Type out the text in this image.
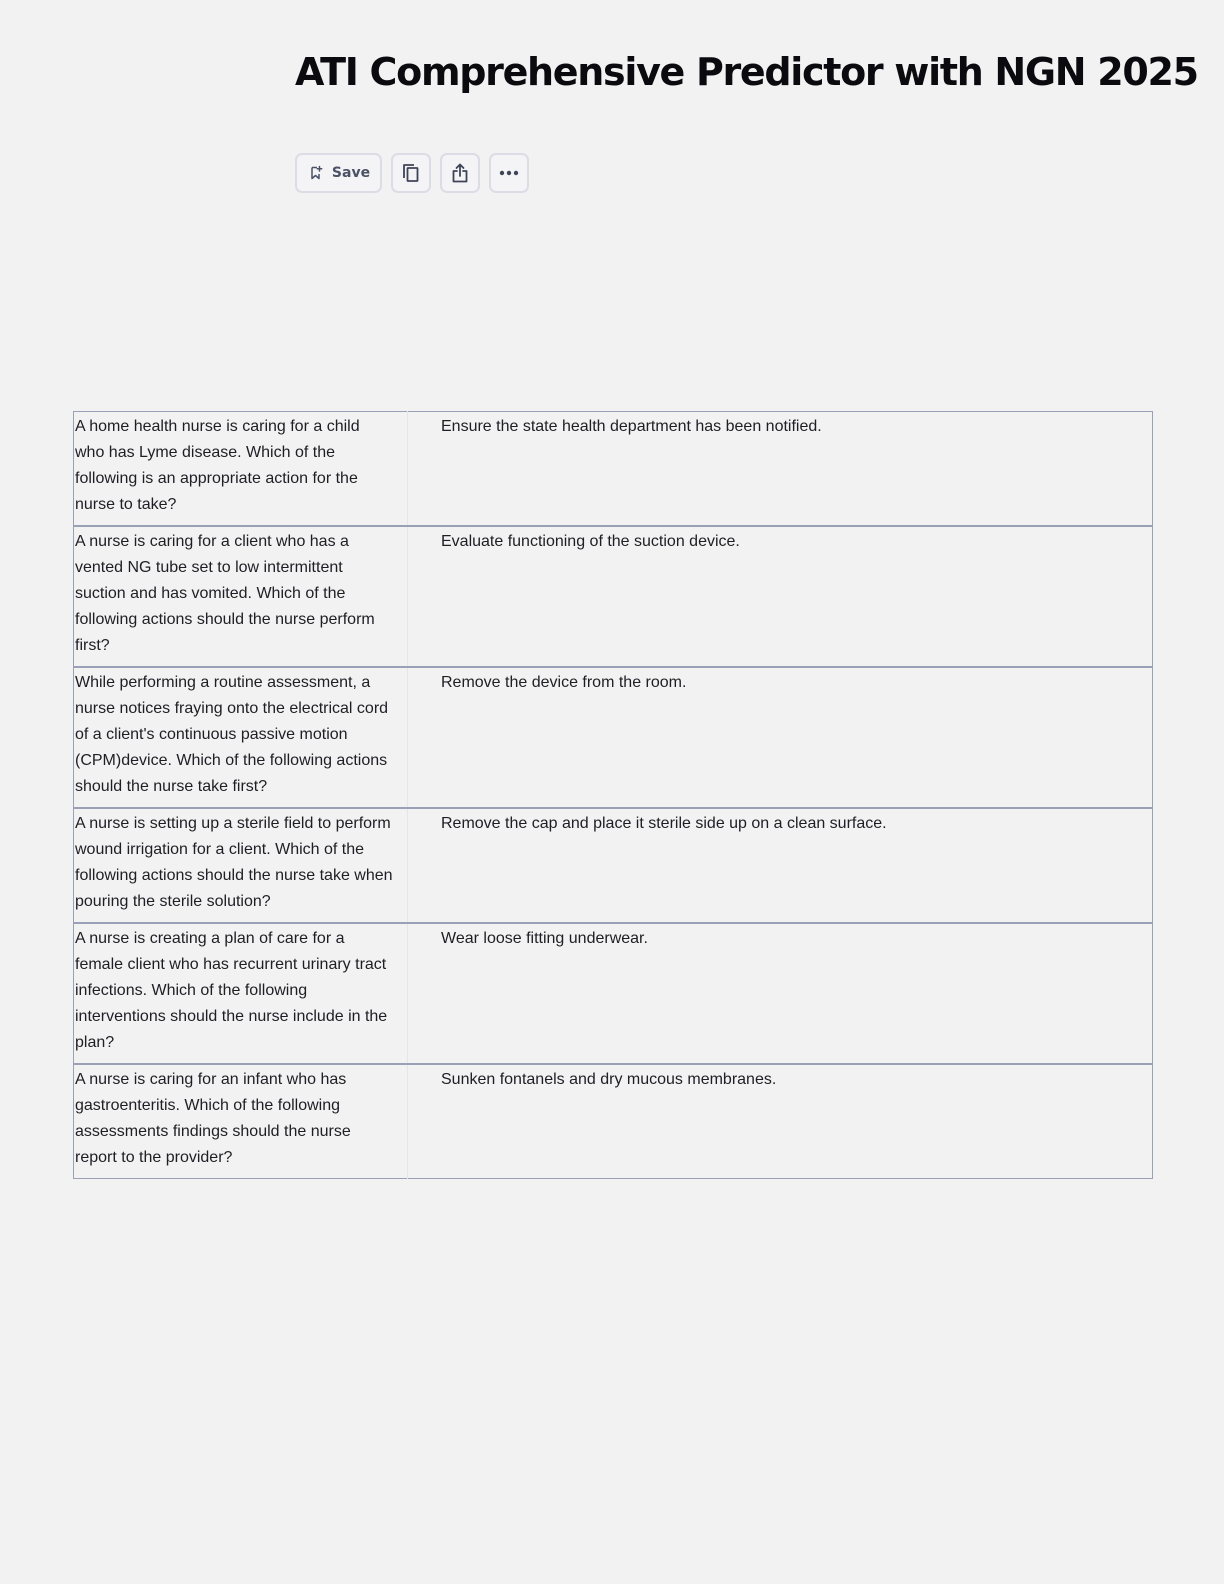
ATI Comprehensive Predictor with NGN 2025
Save
A home health nurse is caring for a child who has Lyme disease. Which of the following is an appropriate action for the nurse to take?	Ensure the state health department has been notified.
A nurse is caring for a client who has a vented NG tube set to low intermittent suction and has vomited. Which of the following actions should the nurse perform first?	Evaluate functioning of the suction device.
While performing a routine assessment, a nurse notices fraying onto the electrical cord of a client's continuous passive motion (CPM)device. Which of the following actions should the nurse take first?	Remove the device from the room.
A nurse is setting up a sterile field to perform wound irrigation for a client. Which of the following actions should the nurse take when pouring the sterile solution?	Remove the cap and place it sterile side up on a clean surface.
A nurse is creating a plan of care for a female client who has recurrent urinary tract infections. Which of the following interventions should the nurse include in the plan?	Wear loose fitting underwear.
A nurse is caring for an infant who has gastroenteritis. Which of the following assessments findings should the nurse report to the provider?	Sunken fontanels and dry mucous membranes.
